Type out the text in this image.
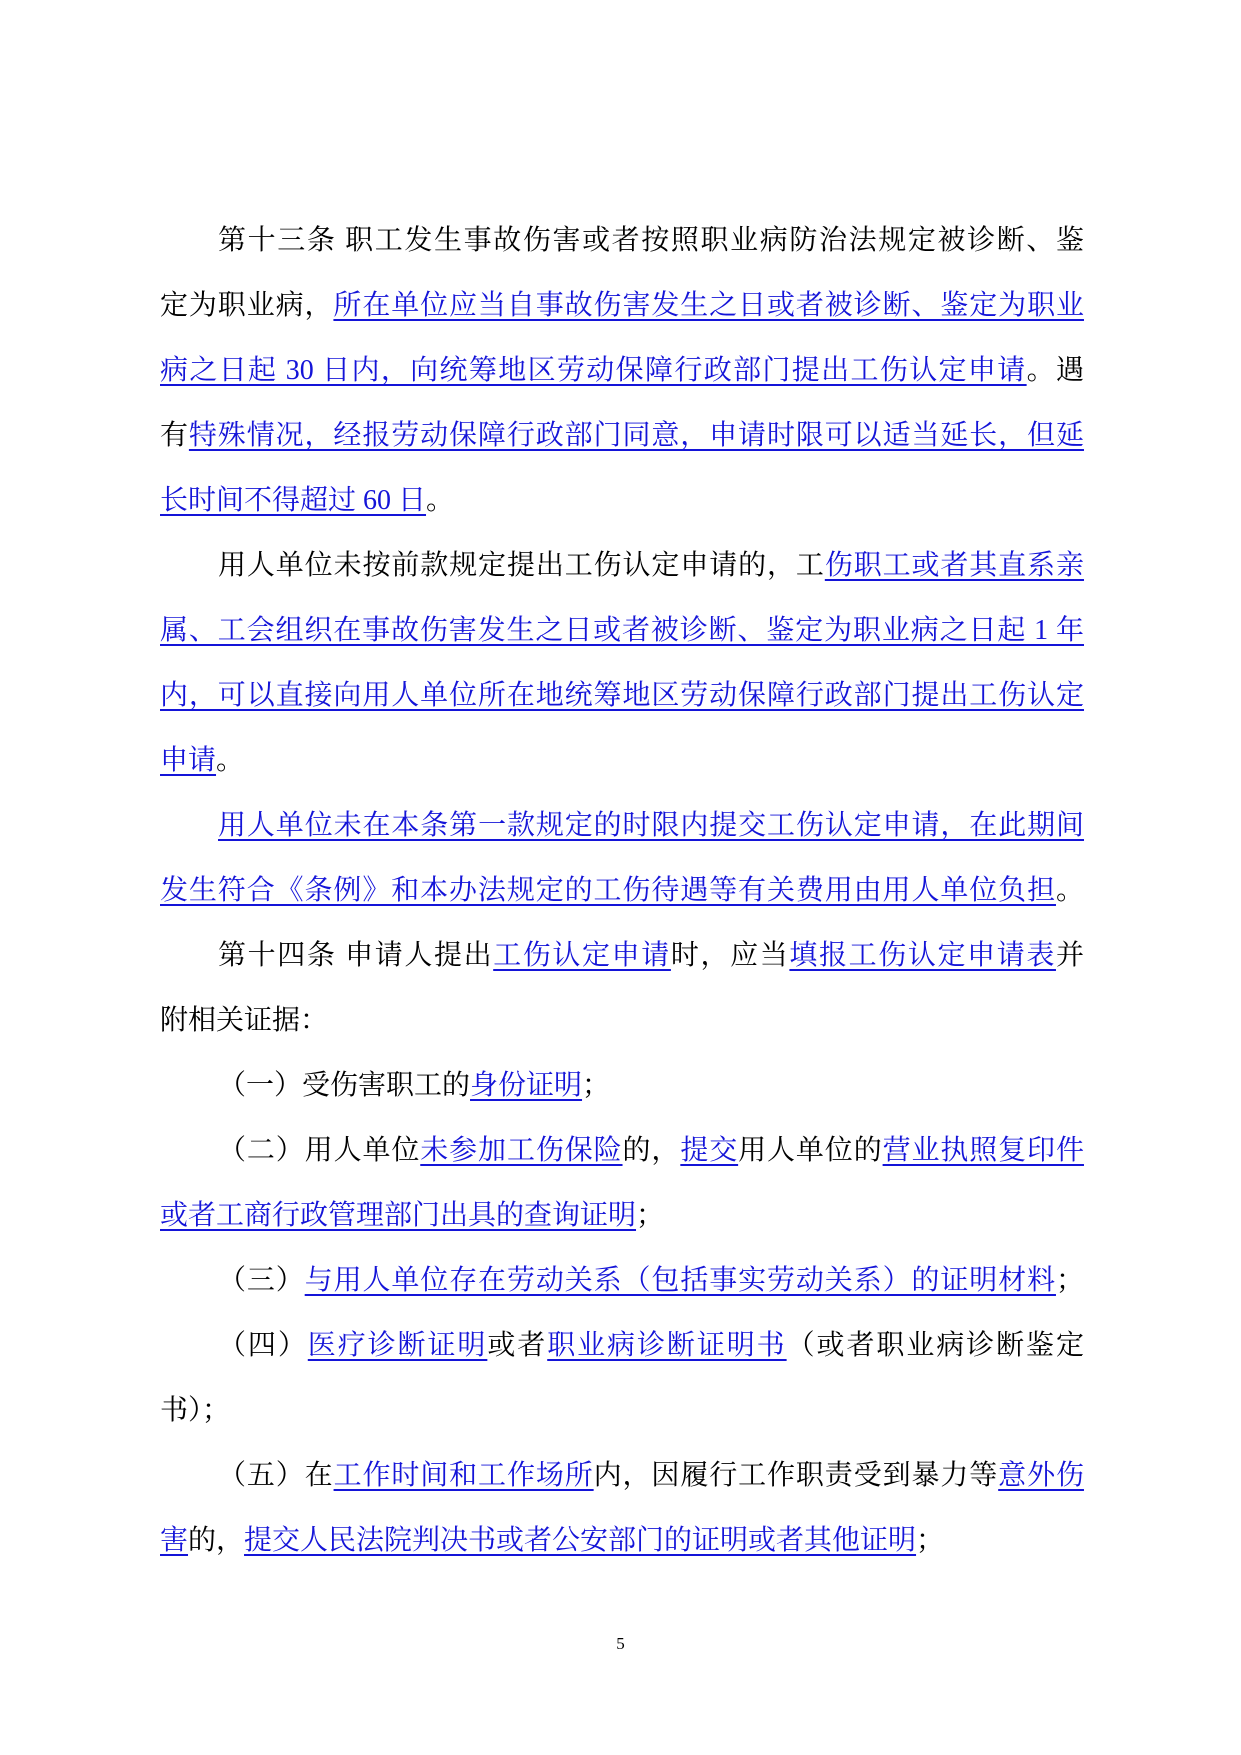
第十三条 职工发生事故伤害或者按照职业病防治法规定被诊断、鉴
定为职业病，所在单位应当自事故伤害发生之日或者被诊断、鉴定为职业
病之日起 30 日内，向统筹地区劳动保障行政部门提出工伤认定申请。遇
有特殊情况，经报劳动保障行政部门同意，申请时限可以适当延长，但延
长时间不得超过 60 日。
用人单位未按前款规定提出工伤认定申请的，工伤职工或者其直系亲
属、工会组织在事故伤害发生之日或者被诊断、鉴定为职业病之日起 1 年
内，可以直接向用人单位所在地统筹地区劳动保障行政部门提出工伤认定
申请。
用人单位未在本条第一款规定的时限内提交工伤认定申请，在此期间
发生符合《条例》和本办法规定的工伤待遇等有关费用由用人单位负担。
第十四条 申请人提出工伤认定申请时，应当填报工伤认定申请表并
附相关证据：
（一）受伤害职工的身份证明；
（二）用人单位未参加工伤保险的，提交用人单位的营业执照复印件
或者工商行政管理部门出具的查询证明；
（三）与用人单位存在劳动关系（包括事实劳动关系）的证明材料；
（四）医疗诊断证明或者职业病诊断证明书（或者职业病诊断鉴定
书）；
（五）在工作时间和工作场所内，因履行工作职责受到暴力等意外伤
害的，提交人民法院判决书或者公安部门的证明或者其他证明；
5
